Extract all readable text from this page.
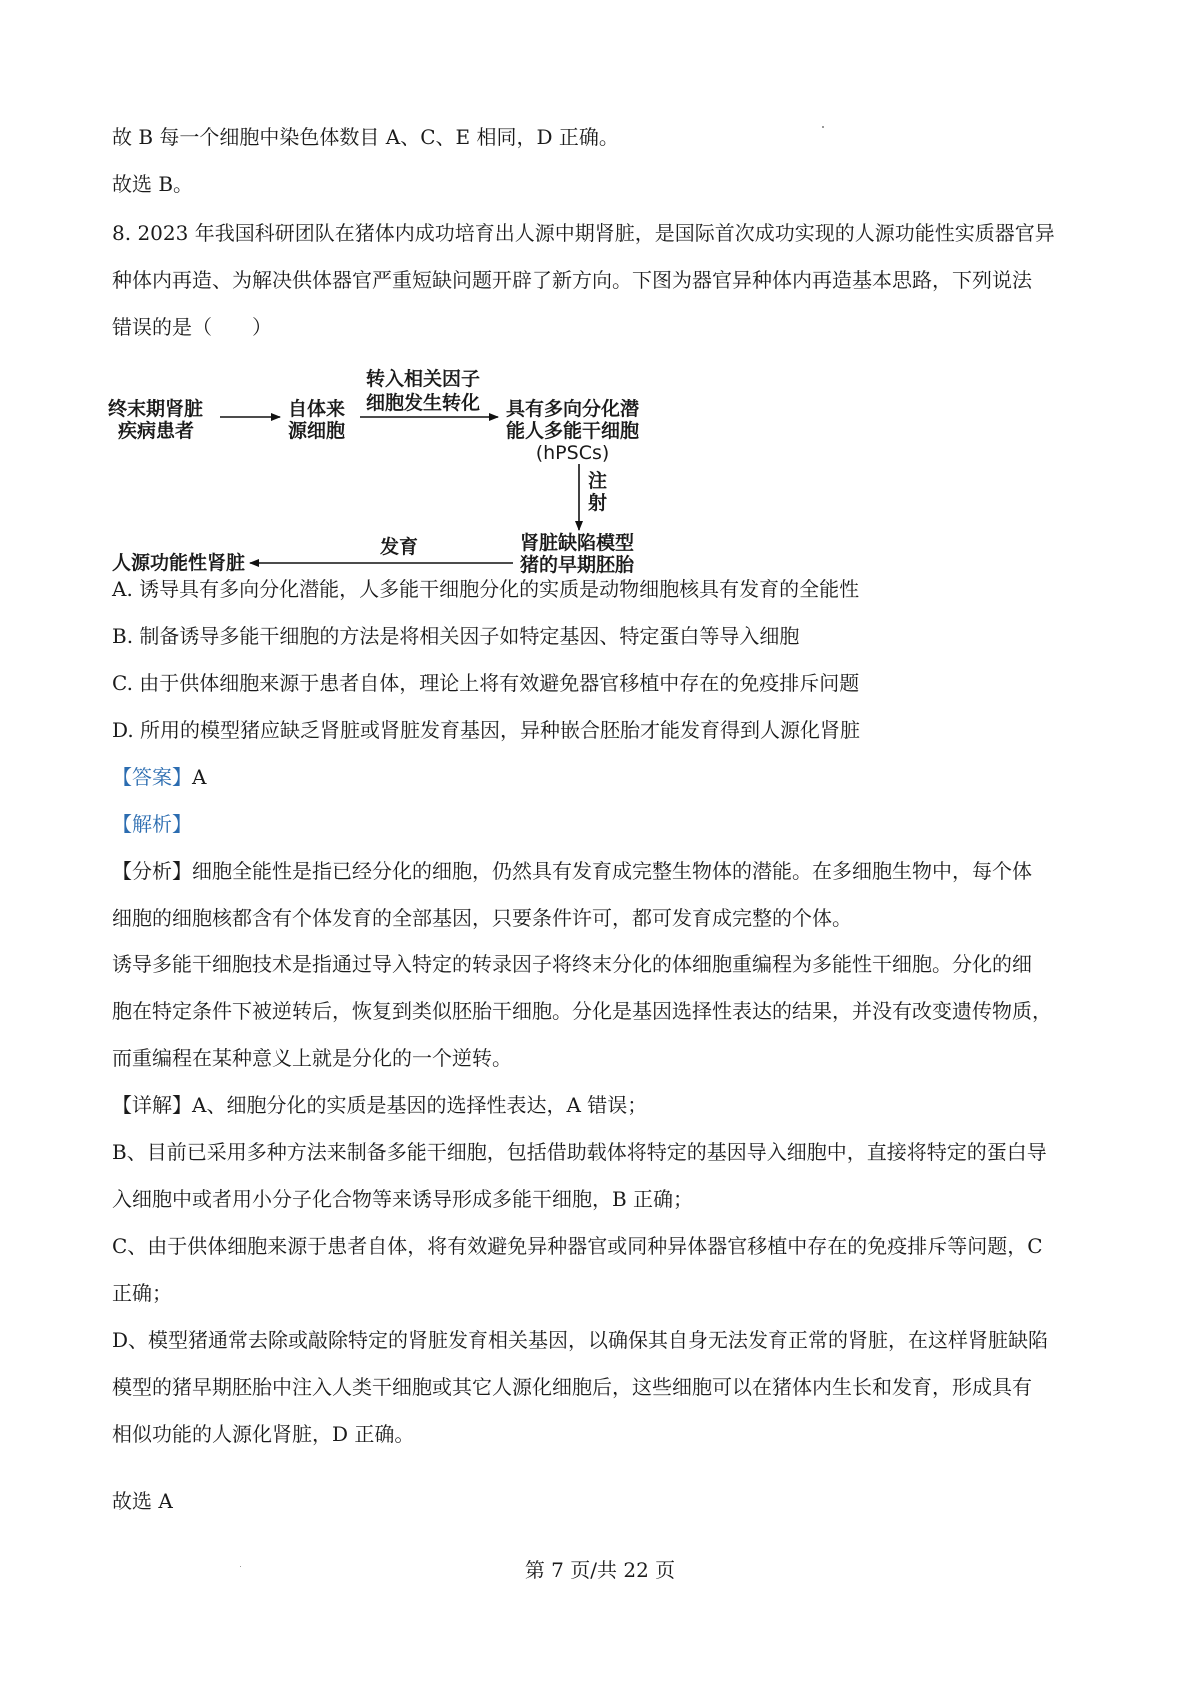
故 B 每一个细胞中染色体数目 A、C、E 相同，D 正确。
故选 B。
8. 2023 年我国科研团队在猪体内成功培育出人源中期肾脏，是国际首次成功实现的人源功能性实质器官异
种体内再造、为解决供体器官严重短缺问题开辟了新方向。下图为器官异种体内再造基本思路，下列说法
错误的是（　　）
终末期肾脏
疾病患者
自体来
源细胞
转入相关因子
细胞发生转化 具有多向分化潜
能人多能干细胞
(hPSCs)
注
射
肾脏缺陷模型
猪的早期胚胎
发育
人源功能性肾脏
A. 诱导具有多向分化潜能，人多能干细胞分化的实质是动物细胞核具有发育的全能性
B. 制备诱导多能干细胞的方法是将相关因子如特定基因、特定蛋白等导入细胞
C. 由于供体细胞来源于患者自体，理论上将有效避免器官移植中存在的免疫排斥问题
D. 所用的模型猪应缺乏肾脏或肾脏发育基因，异种嵌合胚胎才能发育得到人源化肾脏
【答案】A
【解析】
【分析】细胞全能性是指已经分化的细胞，仍然具有发育成完整生物体的潜能。在多细胞生物中，每个体
细胞的细胞核都含有个体发育的全部基因，只要条件许可，都可发育成完整的个体。
诱导多能干细胞技术是指通过导入特定的转录因子将终末分化的体细胞重编程为多能性干细胞。分化的细
胞在特定条件下被逆转后，恢复到类似胚胎干细胞。分化是基因选择性表达的结果，并没有改变遗传物质，
而重编程在某种意义上就是分化的一个逆转。
【详解】A、细胞分化的实质是基因的选择性表达，A 错误；
B、目前已采用多种方法来制备多能干细胞，包括借助载体将特定的基因导入细胞中，直接将特定的蛋白导
入细胞中或者用小分子化合物等来诱导形成多能干细胞，B 正确；
C、由于供体细胞来源于患者自体，将有效避免异种器官或同种异体器官移植中存在的免疫排斥等问题，C
正确；
D、模型猪通常去除或敲除特定的肾脏发育相关基因，以确保其自身无法发育正常的肾脏，在这样肾脏缺陷
模型的猪早期胚胎中注入人类干细胞或其它人源化细胞后，这些细胞可以在猪体内生长和发育，形成具有
相似功能的人源化肾脏，D 正确。
故选 A
第 7 页/共 22 页
